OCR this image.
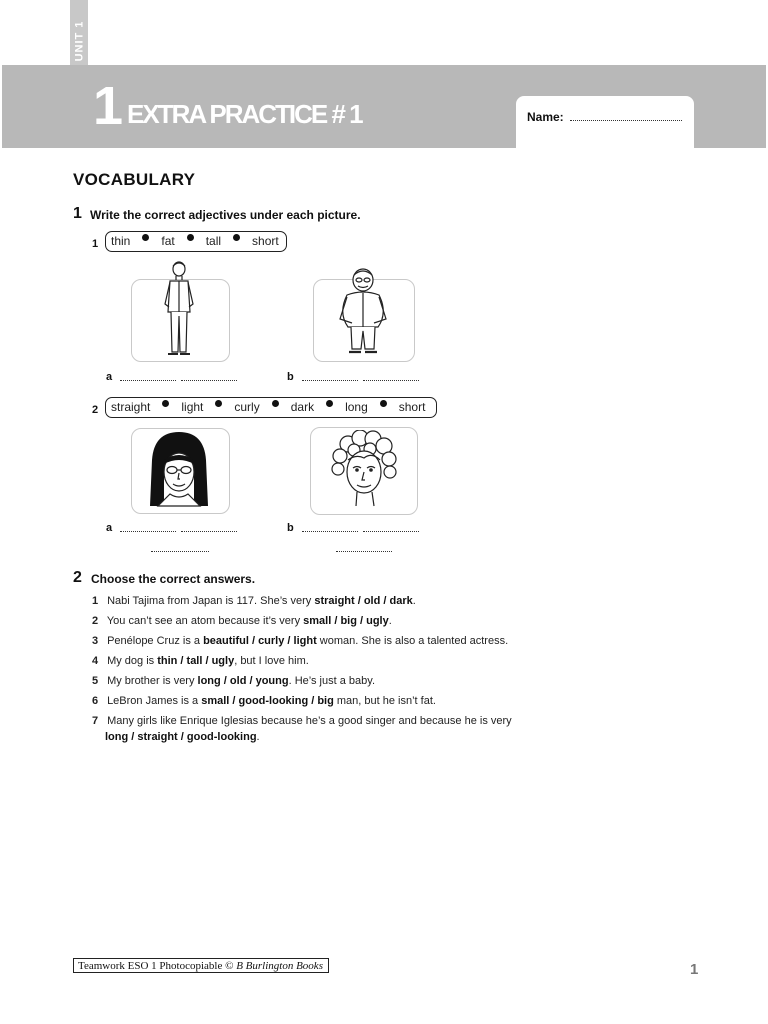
UNIT 1
1 EXTRA PRACTICE # 1	Name:
VOCABULARY
1 Write the correct adjectives under each picture.
1 thin	fat	tall	short
a	b
2 straight	light	curly	dark	long	short
a	b
2 Choose the correct answers.
1 Nabi Tajima from Japan is 117. She’s very straight / old / dark.
2 You can’t see an atom because it’s very small / big / ugly.
3 Penélope Cruz is a beautiful / curly / light woman. She is also a talented actress.
4 My dog is thin / tall / ugly, but I love him.
5 My brother is very long / old / young. He’s just a baby.
6 LeBron James is a small / good-looking / big man, but he isn’t fat.
7 Many girls like Enrique Iglesias because he’s a good singer and because he is very
long / straight / good-looking.
Teamwork ESO 1 Photocopiable © B Burlington Books	1
